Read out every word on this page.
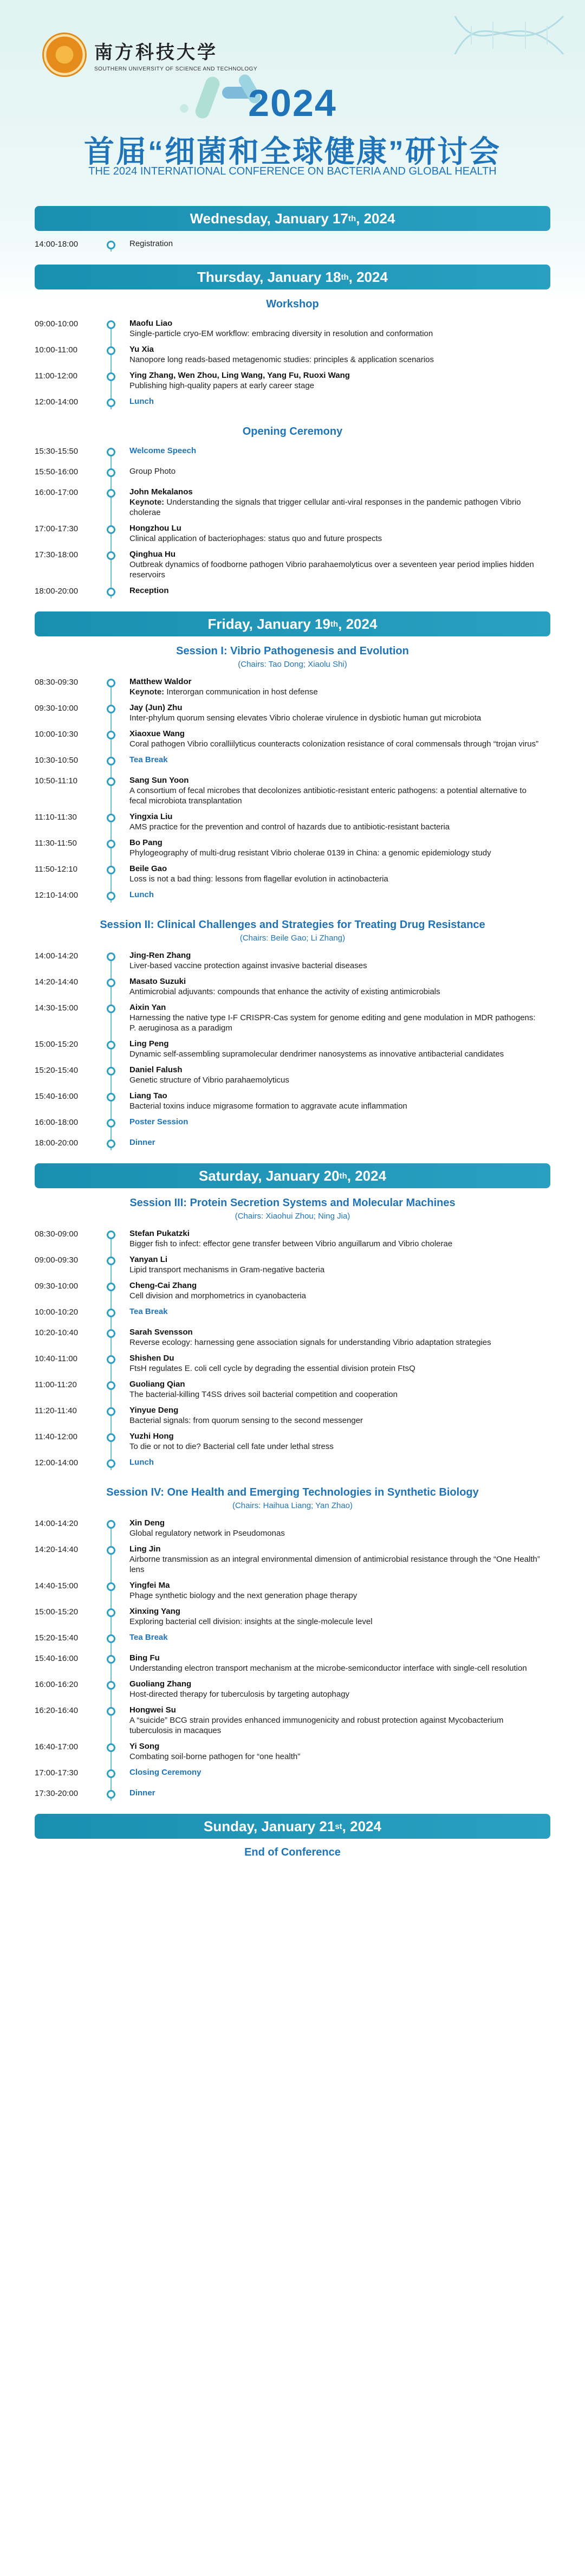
南方科技大学
SOUTHERN UNIVERSITY OF SCIENCE AND TECHNOLOGY
2024
首届“细菌和全球健康”研讨会
THE 2024 INTERNATIONAL CONFERENCE ON BACTERIA AND GLOBAL HEALTH
Wednesday, January 17 th , 2024
14:00-18:00	Registration
Thursday, January 18 th , 2024
Workshop
09:00-10:00	Maofu Liao
Single-particle cryo-EM workflow: embracing diversity in resolution and conformation
10:00-11:00	Yu Xia
Nanopore long reads-based metagenomic studies: principles & application scenarios
11:00-12:00	Ying Zhang, Wen Zhou, Ling Wang, Yang Fu, Ruoxi Wang
Publishing high-quality papers at early career stage
12:00-14:00	Lunch
Opening Ceremony
15:30-15:50	Welcome Speech
15:50-16:00	Group Photo
16:00-17:00	John Mekalanos
Keynote: Understanding the signals that trigger cellular anti-viral responses in the pandemic pathogen Vibrio cholerae
17:00-17:30	Hongzhou Lu
Clinical application of bacteriophages: status quo and future prospects
17:30-18:00	Qinghua Hu
Outbreak dynamics of foodborne pathogen Vibrio parahaemolyticus over a seventeen year period implies hidden reservoirs
18:00-20:00	Reception
Friday, January 19 th , 2024
Session I: Vibrio Pathogenesis and Evolution
(Chairs: Tao Dong; Xiaolu Shi)
08:30-09:30	Matthew Waldor
Keynote: Interorgan communication in host defense
09:30-10:00	Jay (Jun) Zhu
Inter-phylum quorum sensing elevates Vibrio cholerae virulence in dysbiotic human gut microbiota
10:00-10:30	Xiaoxue Wang
Coral pathogen Vibrio coralliilyticus counteracts colonization resistance of coral commensals through “trojan virus”
10:30-10:50	Tea Break
10:50-11:10	Sang Sun Yoon
A consortium of fecal microbes that decolonizes antibiotic-resistant enteric pathogens: a potential alternative to fecal microbiota transplantation
11:10-11:30	Yingxia Liu
AMS practice for the prevention and control of hazards due to antibiotic-resistant bacteria
11:30-11:50	Bo Pang
Phylogeography of multi-drug resistant Vibrio cholerae 0139 in China: a genomic epidemiology study
11:50-12:10	Beile Gao
Loss is not a bad thing: lessons from flagellar evolution in actinobacteria
12:10-14:00	Lunch
Session II: Clinical Challenges and Strategies for Treating Drug Resistance
(Chairs: Beile Gao; Li Zhang)
14:00-14:20	Jing-Ren Zhang
Liver-based vaccine protection against invasive bacterial diseases
14:20-14:40	Masato Suzuki
Antimicrobial adjuvants: compounds that enhance the activity of existing antimicrobials
14:30-15:00	Aixin Yan
Harnessing the native type I-F CRISPR-Cas system for genome editing and gene modulation in MDR pathogens: P. aeruginosa as a paradigm
15:00-15:20	Ling Peng
Dynamic self-assembling supramolecular dendrimer nanosystems as innovative antibacterial candidates
15:20-15:40	Daniel Falush
Genetic structure of Vibrio parahaemolyticus
15:40-16:00	Liang Tao
Bacterial toxins induce migrasome formation to aggravate acute inflammation
16:00-18:00	Poster Session
18:00-20:00	Dinner
Saturday, January 20 th , 2024
Session III: Protein Secretion Systems and Molecular Machines
(Chairs: Xiaohui Zhou; Ning Jia)
08:30-09:00	Stefan Pukatzki
Bigger fish to infect: effector gene transfer between Vibrio anguillarum and Vibrio cholerae
09:00-09:30	Yanyan Li
Lipid transport mechanisms in Gram-negative bacteria
09:30-10:00	Cheng-Cai Zhang
Cell division and morphometrics in cyanobacteria
10:00-10:20	Tea Break
10:20-10:40	Sarah Svensson
Reverse ecology: harnessing gene association signals for understanding Vibrio adaptation strategies
10:40-11:00	Shishen Du
FtsH regulates E. coli cell cycle by degrading the essential division protein FtsQ
11:00-11:20	Guoliang Qian
The bacterial-killing T4SS drives soil bacterial competition and cooperation
11:20-11:40	Yinyue Deng
Bacterial signals: from quorum sensing to the second messenger
11:40-12:00	Yuzhi Hong
To die or not to die? Bacterial cell fate under lethal stress
12:00-14:00	Lunch
Session IV: One Health and Emerging Technologies in Synthetic Biology
(Chairs: Haihua Liang; Yan Zhao)
14:00-14:20	Xin Deng
Global regulatory network in Pseudomonas
14:20-14:40	Ling Jin
Airborne transmission as an integral environmental dimension of antimicrobial resistance through the “One Health” lens
14:40-15:00	Yingfei Ma
Phage synthetic biology and the next generation phage therapy
15:00-15:20	Xinxing Yang
Exploring bacterial cell division: insights at the single-molecule level
15:20-15:40	Tea Break
15:40-16:00	Bing Fu
Understanding electron transport mechanism at the microbe-semiconductor interface with single-cell resolution
16:00-16:20	Guoliang Zhang
Host-directed therapy for tuberculosis by targeting autophagy
16:20-16:40	Hongwei Su
A “suicide” BCG strain provides enhanced immunogenicity and robust protection against Mycobacterium tuberculosis in macaques
16:40-17:00	Yi Song
Combating soil-borne pathogen for “one health”
17:00-17:30	Closing Ceremony
17:30-20:00	Dinner
Sunday, January 21 st , 2024
End of Conference
